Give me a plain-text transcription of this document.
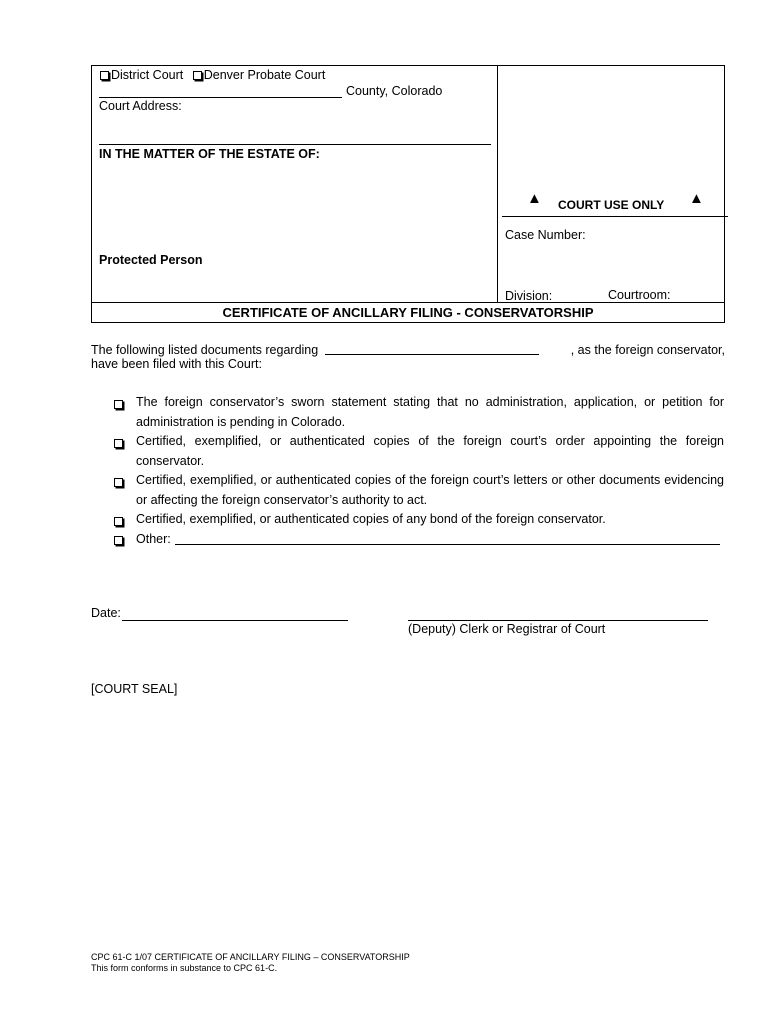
District Court Denver Probate Court
County, Colorado
Court Address:
IN THE MATTER OF THE ESTATE OF:
Protected Person
▲ COURT USE ONLY ▲
Case Number:
Division:	Courtroom:
CERTIFICATE OF ANCILLARY FILING - CONSERVATORSHIP
The following listed documents regarding	, as the foreign conservator,
have been filed with this Court:
The foreign conservator’s sworn statement stating that no administration, application, or petition for
administration is pending in Colorado.
Certified, exemplified, or authenticated copies of the foreign court’s order appointing the foreign
conservator.
Certified, exemplified, or authenticated copies of the foreign court’s letters or other documents evidencing
or affecting the foreign conservator’s authority to act.
Certified, exemplified, or authenticated copies of any bond of the foreign conservator.
Other:
Date:
(Deputy) Clerk or Registrar of Court
[COURT SEAL]
CPC 61-C 1/07 CERTIFICATE OF ANCILLARY FILING – CONSERVATORSHIP
This form conforms in substance to CPC 61-C.
